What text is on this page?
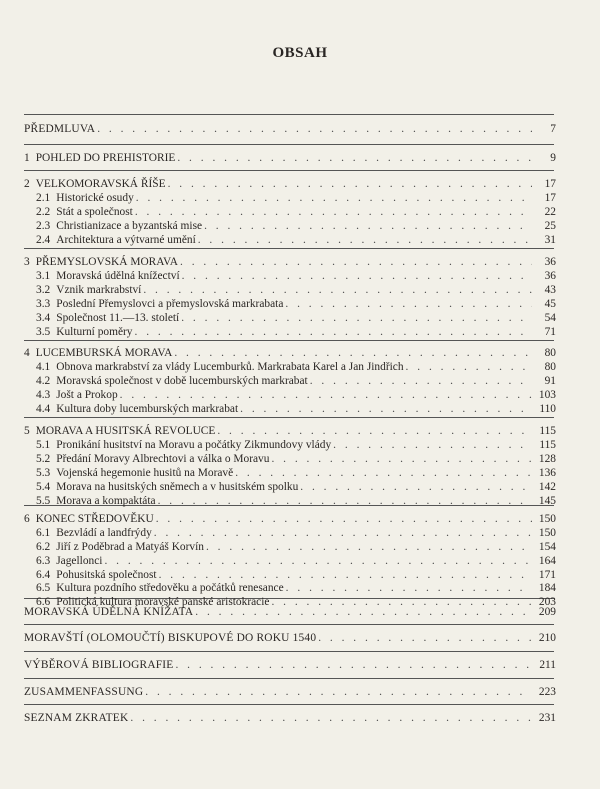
OBSAH
PŘEDMLUVA . . .	7
1 POHLED DO PREHISTORIE . . .	9
2 VELKOMORAVSKÁ ŘÍŠE . . .	17
2.1 Historické osudy . . .	17
2.2 Stát a společnost . . .	22
2.3 Christianizace a byzantská mise . . .	25
2.4 Architektura a výtvarné umění . . .	31
3 PŘEMYSLOVSKÁ MORAVA . . .	36
3.1 Moravská údělná knížectví . . .	36
3.2 Vznik markrabství . . .	43
3.3 Poslední Přemyslovci a přemyslovská markrabata . . .	45
3.4 Společnost 11.—13. století . . .	54
3.5 Kulturní poměry . . .	71
4 LUCEMBURSKÁ MORAVA . . .	80
4.1 Obnova markrabství za vlády Lucemburků. Markrabata Karel a Jan Jindřich . . .	80
4.2 Moravská společnost v době lucemburských markrabat . . .	91
4.3 Jošt a Prokop . . .	103
4.4 Kultura doby lucemburských markrabat . . .	110
5 MORAVA A HUSITSKÁ REVOLUCE . . .	115
5.1 Pronikání husitství na Moravu a počátky Zikmundovy vlády . . .	115
5.2 Předání Moravy Albrechtovi a válka o Moravu . . .	128
5.3 Vojenská hegemonie husitů na Moravě . . .	136
5.4 Morava na husitských sněmech a v husitském spolku . . .	142
5.5 Morava a kompaktáta . . .	145
6 KONEC STŘEDOVĚKU . . .	150
6.1 Bezvládí a landfrýdy . . .	150
6.2 Jiří z Poděbrad a Matyáš Korvín . . .	154
6.3 Jagellonci . . .	164
6.4 Pohusitská společnost . . .	171
6.5 Kultura pozdního středověku a počátků renesance . . .	184
6.6 Politická kultura moravské panské aristokracie . . .	203
MORAVSKÁ ÚDĚLNÁ KNÍŽATA . . .	209
MORAVŠTÍ (OLOMOUČTÍ) BISKUPOVÉ DO ROKU 1540 . . .	210
VÝBĚROVÁ BIBLIOGRAFIE . . .	211
ZUSAMMENFASSUNG . . .	223
SEZNAM ZKRATEK . . .	231
